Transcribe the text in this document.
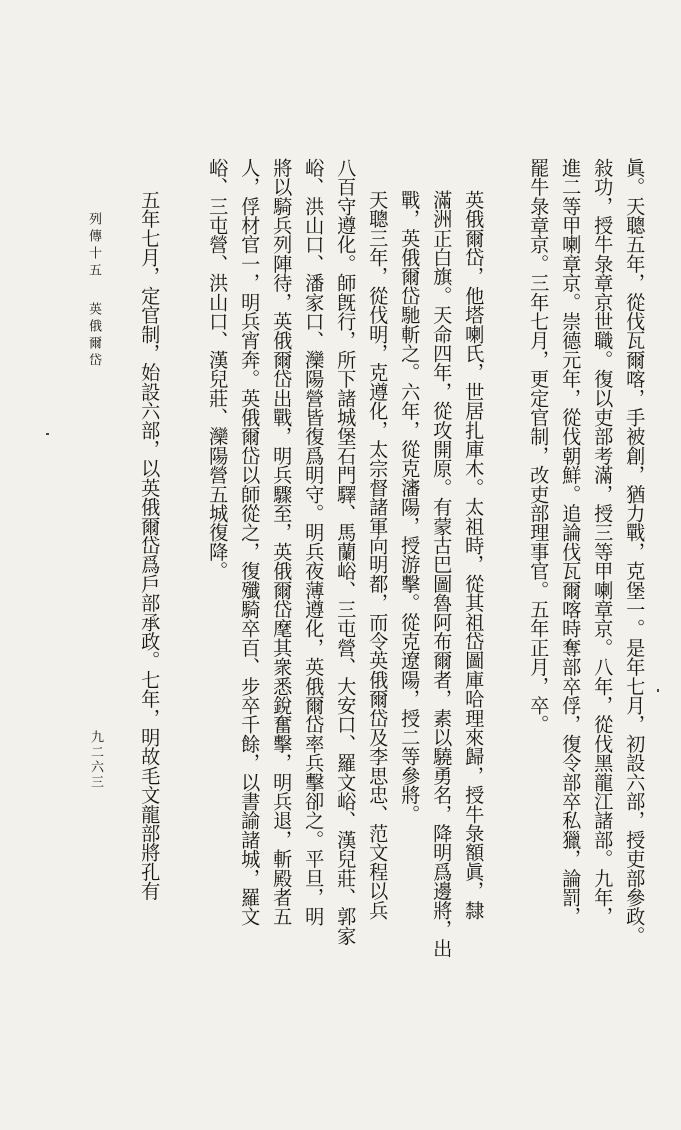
眞。天聰五年，從伐瓦爾喀，手被創，猶力戰，克堡一。是年七月，初設六部，授吏部參政。
敍功，授牛彔章京世職。復以吏部考滿，授三等甲喇章京。八年，從伐黑龍江諸部。九年，
進二等甲喇章京。崇德元年，從伐朝鮮。追論伐瓦爾喀時奪部卒俘，復令部卒私獵，論罰，
罷牛彔章京。三年七月，更定官制，改吏部理事官。五年正月，卒。
英俄爾岱，他塔喇氏，世居扎庫木。太祖時，從其祖岱圖庫哈理來歸，授牛彔額眞，隸
滿洲正白旗。天命四年，從攻開原。有蒙古巴圖魯阿布爾者，素以驍勇名，降明爲邊將，出
戰，英俄爾岱馳斬之。六年，從克瀋陽，授游擊。從克遼陽，授二等參將。
天聰三年，從伐明，克遵化，太宗督諸軍向明都，而令英俄爾岱及李思忠、范文程以兵
八百守遵化。師旣行，所下諸城堡石門驛、馬蘭峪、三屯營、大安口、羅文峪、漢兒莊、郭家
峪、洪山口、潘家口、灤陽營皆復爲明守。明兵夜薄遵化，英俄爾岱率兵擊卻之。平旦，明
將以騎兵列陣待，英俄爾岱出戰，明兵驟至，英俄爾岱麾其衆悉銳奮擊，明兵退，斬殿者五
人，俘材官一，明兵宵奔。英俄爾岱以師從之，復殲騎卒百、步卒千餘，以書諭諸城，羅文
峪、三屯營、洪山口、漢兒莊、灤陽營五城復降。
五年七月，定官制，始設六部，以英俄爾岱爲戶部承政。七年，明故毛文龍部將孔有
列傳十五
英俄爾岱
九二六三
